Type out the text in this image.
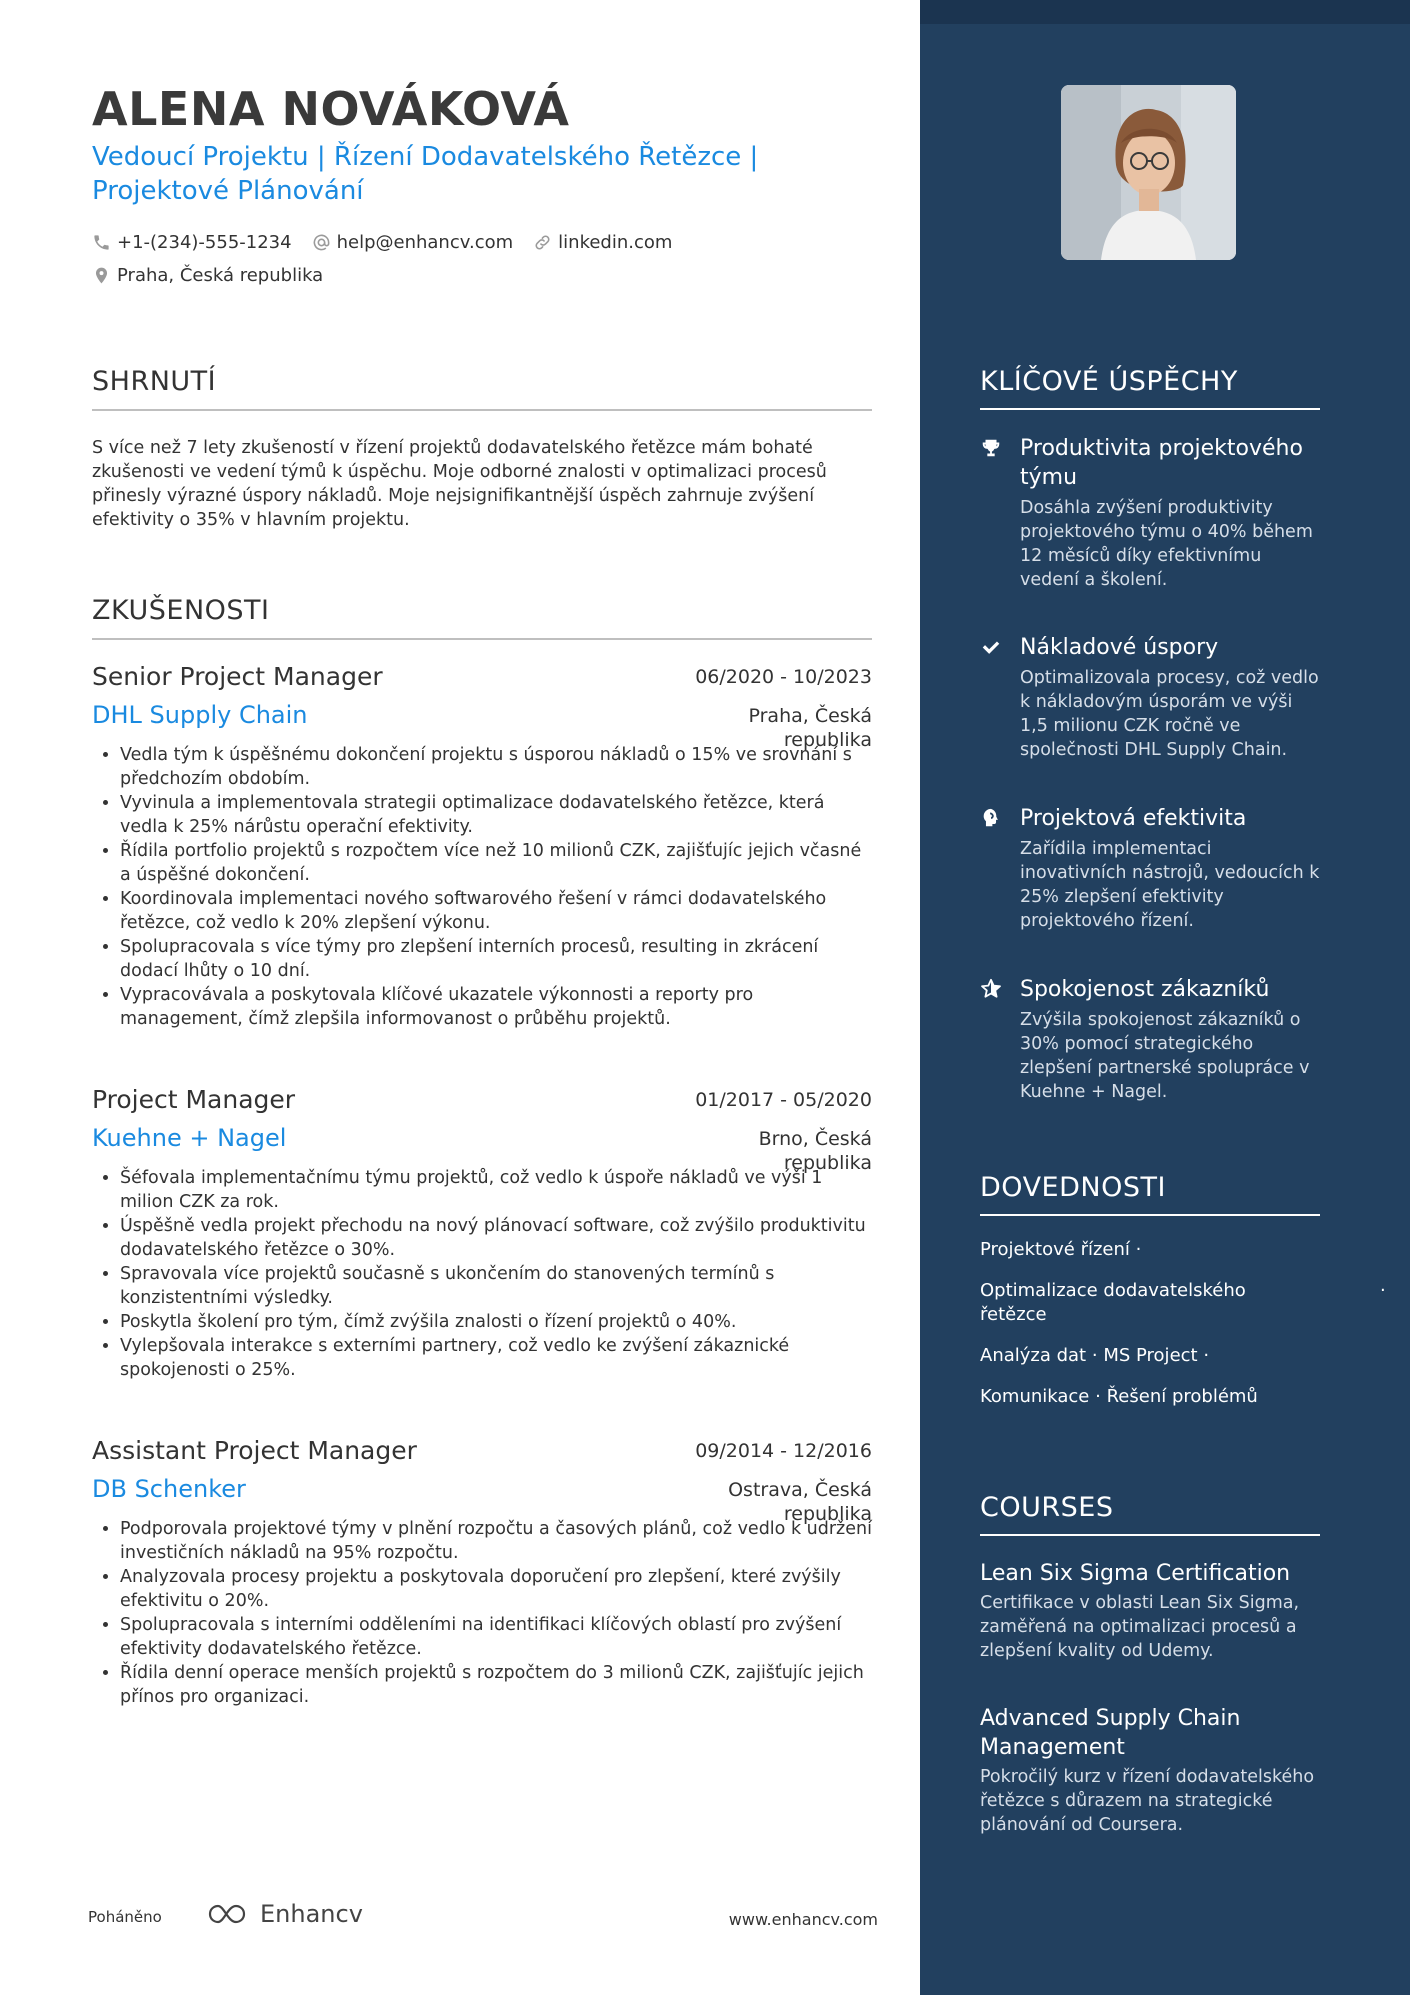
ALENA NOVÁKOVÁ
Vedoucí Projektu | Řízení Dodavatelského Řetězce |
Projektové Plánování
+1-(234)-555-1234	help@enhancv.com	linkedin.com
Praha, Česká republika
SHRNUTÍ
S více než 7 lety zkušeností v řízení projektů dodavatelského řetězce mám bohaté zkušenosti ve vedení týmů k úspěchu. Moje odborné znalosti v optimalizaci procesů přinesly výrazné úspory nákladů. Moje nejsignifikantnější úspěch zahrnuje zvýšení efektivity o 35% v hlavním projektu.
ZKUŠENOSTI
Senior Project Manager	06/2020 - 10/2023
DHL Supply Chain	Praha, Česká republika
• Vedla tým k úspěšnému dokončení projektu s úsporou nákladů o 15% ve srovnání s předchozím obdobím.
• Vyvinula a implementovala strategii optimalizace dodavatelského řetězce, která vedla k 25% nárůstu operační efektivity.
• Řídila portfolio projektů s rozpočtem více než 10 milionů CZK, zajišťujíc jejich včasné a úspěšné dokončení.
• Koordinovala implementaci nového softwarového řešení v rámci dodavatelského řetězce, což vedlo k 20% zlepšení výkonu.
• Spolupracovala s více týmy pro zlepšení interních procesů, resulting in zkrácení dodací lhůty o 10 dní.
• Vypracovávala a poskytovala klíčové ukazatele výkonnosti a reporty pro management, čímž zlepšila informovanost o průběhu projektů.
Project Manager	01/2017 - 05/2020
Kuehne + Nagel	Brno, Česká republika
• Šéfovala implementačnímu týmu projektů, což vedlo k úspoře nákladů ve výši 1 milion CZK za rok.
• Úspěšně vedla projekt přechodu na nový plánovací software, což zvýšilo produktivitu dodavatelského řetězce o 30%.
• Spravovala více projektů současně s ukončením do stanovených termínů s konzistentními výsledky.
• Poskytla školení pro tým, čímž zvýšila znalosti o řízení projektů o 40%.
• Vylepšovala interakce s externími partnery, což vedlo ke zvýšení zákaznické spokojenosti o 25%.
Assistant Project Manager	09/2014 - 12/2016
DB Schenker	Ostrava, Česká republika
• Podporovala projektové týmy v plnění rozpočtu a časových plánů, což vedlo k udržení investičních nákladů na 95% rozpočtu.
• Analyzovala procesy projektu a poskytovala doporučení pro zlepšení, které zvýšily efektivitu o 20%.
• Spolupracovala s interními odděleními na identifikaci klíčových oblastí pro zvýšení efektivity dodavatelského řetězce.
• Řídila denní operace menších projektů s rozpočtem do 3 milionů CZK, zajišťujíc jejich přínos pro organizaci.
Poháněno	Enhancv	www.enhancv.com
KLÍČOVÉ ÚSPĚCHY
Produktivita projektového týmu
Dosáhla zvýšení produktivity projektového týmu o 40% během 12 měsíců díky efektivnímu vedení a školení.
Nákladové úspory
Optimalizovala procesy, což vedlo k nákladovým úsporám ve výši 1,5 milionu CZK ročně ve společnosti DHL Supply Chain.
Projektová efektivita
Zařídila implementaci inovativních nástrojů, vedoucích k 25% zlepšení efektivity projektového řízení.
Spokojenost zákazníků
Zvýšila spokojenost zákazníků o 30% pomocí strategického zlepšení partnerské spolupráce v Kuehne + Nagel.
DOVEDNOSTI
Projektové řízení ·
Optimalizace dodavatelského řetězce
·
Analýza dat · MS Project ·
Komunikace · Řešení problémů
COURSES
Lean Six Sigma Certification
Certifikace v oblasti Lean Six Sigma, zaměřená na optimalizaci procesů a zlepšení kvality od Udemy.
Advanced Supply Chain Management
Pokročilý kurz v řízení dodavatelského řetězce s důrazem na strategické plánování od Coursera.
